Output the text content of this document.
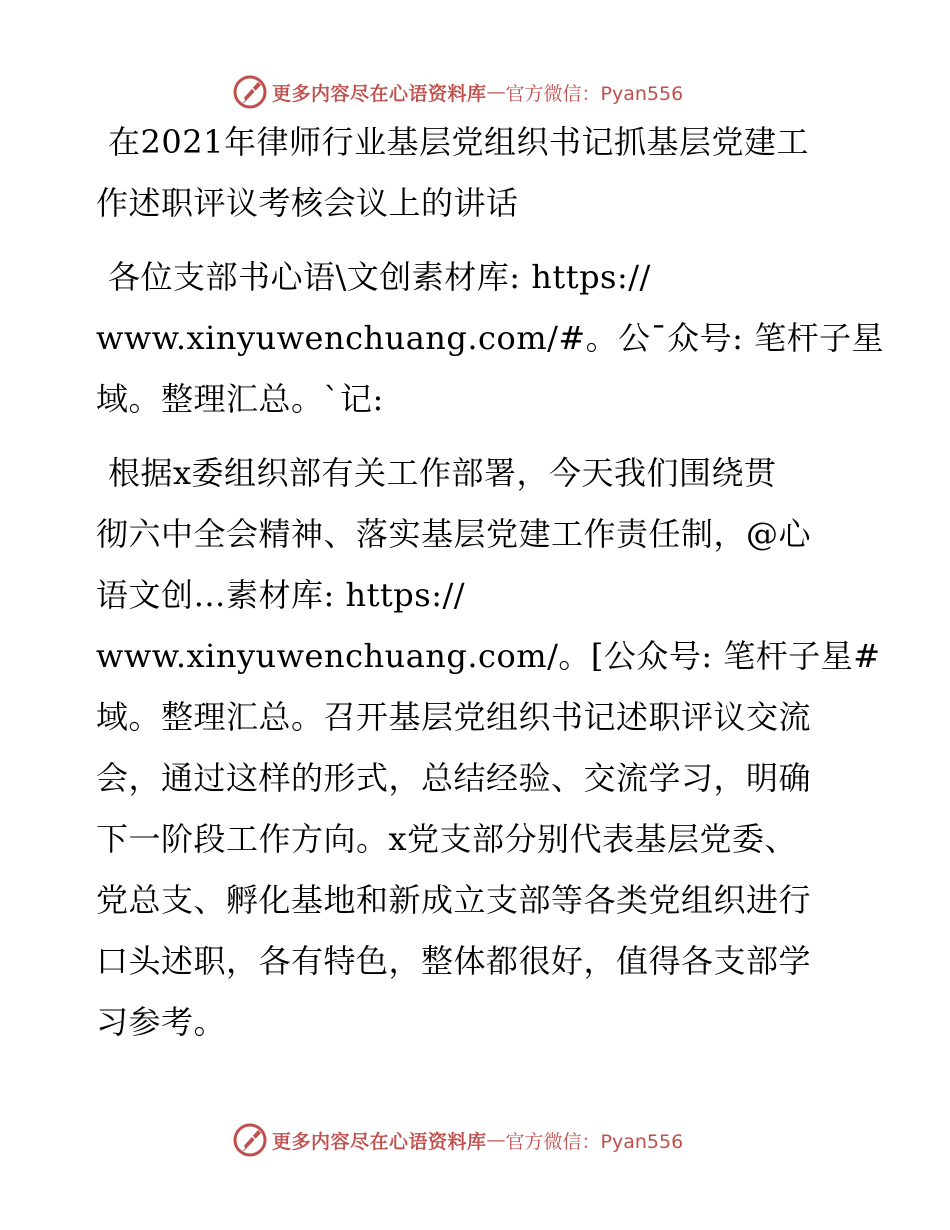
更多内容尽在心语资料库 — 官方微信：Pyan556
在2021年律师行业基层党组织书记抓基层党建工
作述职评议考核会议上的讲话
各位支部书心语\文创素材库: https://
www.xinyuwenchuang.com/#。公¯众号: 笔杆子星
域。整理汇总。`记:
根据x委组织部有关工作部署，今天我们围绕贯
彻六中全会精神、落实基层党建工作责任制，@心
语文创…素材库: https://
www.xinyuwenchuang.com/。[公众号: 笔杆子星#
域。整理汇总。召开基层党组织书记述职评议交流
会，通过这样的形式，总结经验、交流学习，明确
下一阶段工作方向。x党支部分别代表基层党委、
党总支、孵化基地和新成立支部等各类党组织进行
口头述职，各有特色，整体都很好，值得各支部学
习参考。
更多内容尽在心语资料库 — 官方微信：Pyan556
